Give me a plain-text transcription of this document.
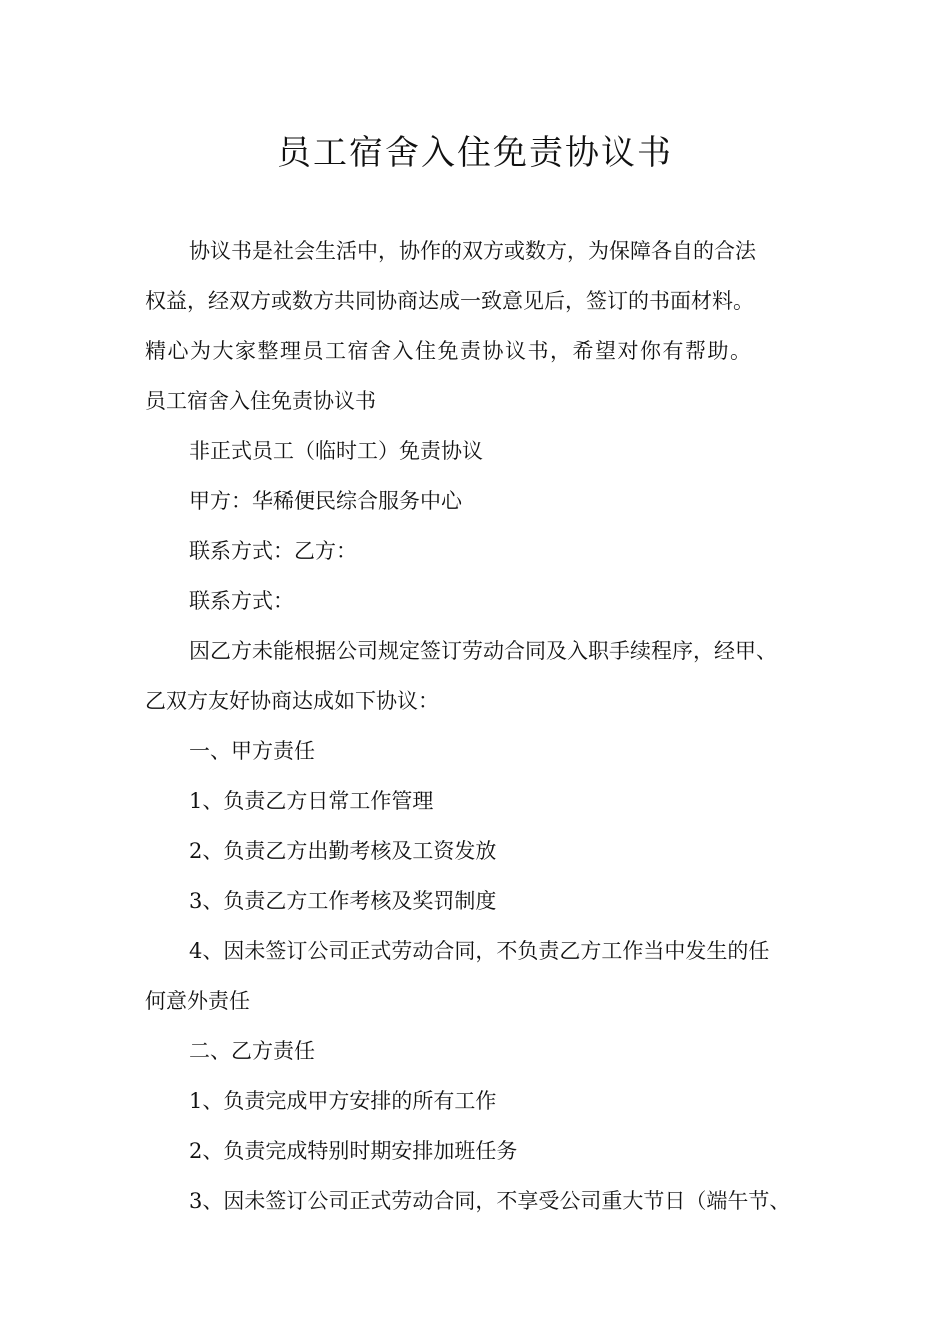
员工宿舍入住免责协议书
协议书是社会生活中，协作的双方或数方，为保障各自的合法
权益，经双方或数方共同协商达成一致意见后，签订的书面材料。
精心为大家整理员工宿舍入住免责协议书，希望对你有帮助。
员工宿舍入住免责协议书
非正式员工（临时工）免责协议
甲方：华稀便民综合服务中心
联系方式：乙方：
联系方式：
因乙方未能根据公司规定签订劳动合同及入职手续程序，经甲、
乙双方友好协商达成如下协议：
一、甲方责任
1、负责乙方日常工作管理
2、负责乙方出勤考核及工资发放
3、负责乙方工作考核及奖罚制度
4、因未签订公司正式劳动合同，不负责乙方工作当中发生的任
何意外责任
二、乙方责任
1、负责完成甲方安排的所有工作
2、负责完成特别时期安排加班任务
3、因未签订公司正式劳动合同，不享受公司重大节日（端午节、
